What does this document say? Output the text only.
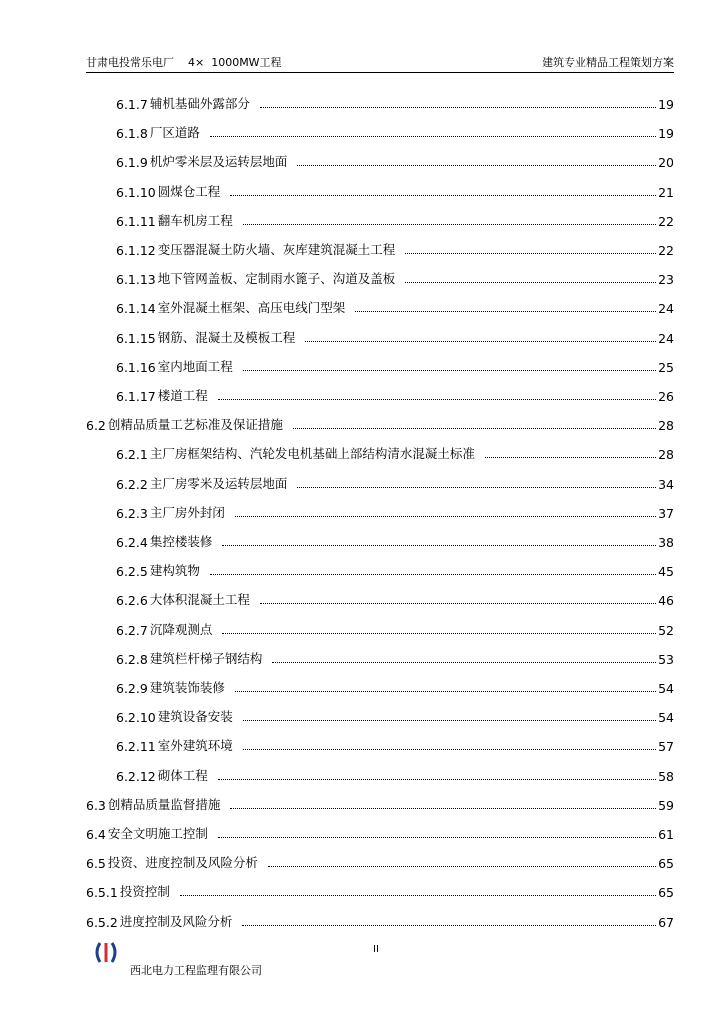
甘肃电投常乐电厂    4×  1000MW工程	建筑专业精品工程策划方案
6.1.7 辅机基础外露部分	19
6.1.8 厂区道路	19
6.1.9 机炉零米层及运转层地面	20
6.1.10 圆煤仓工程	21
6.1.11 翻车机房工程	22
6.1.12 变压器混凝土防火墙、灰库建筑混凝土工程	22
6.1.13 地下管网盖板、定制雨水篦子、沟道及盖板	23
6.1.14 室外混凝土框架、高压电线门型架	24
6.1.15 钢筋、混凝土及模板工程	24
6.1.16 室内地面工程	25
6.1.17 楼道工程	26
6.2 创精品质量工艺标准及保证措施	28
6.2.1 主厂房框架结构、汽轮发电机基础上部结构清水混凝土标准	28
6.2.2 主厂房零米及运转层地面	34
6.2.3 主厂房外封闭	37
6.2.4 集控楼装修	38
6.2.5 建构筑物	45
6.2.6 大体积混凝土工程	46
6.2.7 沉降观测点	52
6.2.8 建筑栏杆梯子钢结构	53
6.2.9 建筑装饰装修	54
6.2.10 建筑设备安装	54
6.2.11 室外建筑环境	57
6.2.12 砌体工程	58
6.3 创精品质量监督措施	59
6.4 安全文明施工控制	61
6.5 投资、进度控制及风险分析	65
6.5.1 投资控制	65
6.5.2 进度控制及风险分析	67
II
西北电力工程监理有限公司
